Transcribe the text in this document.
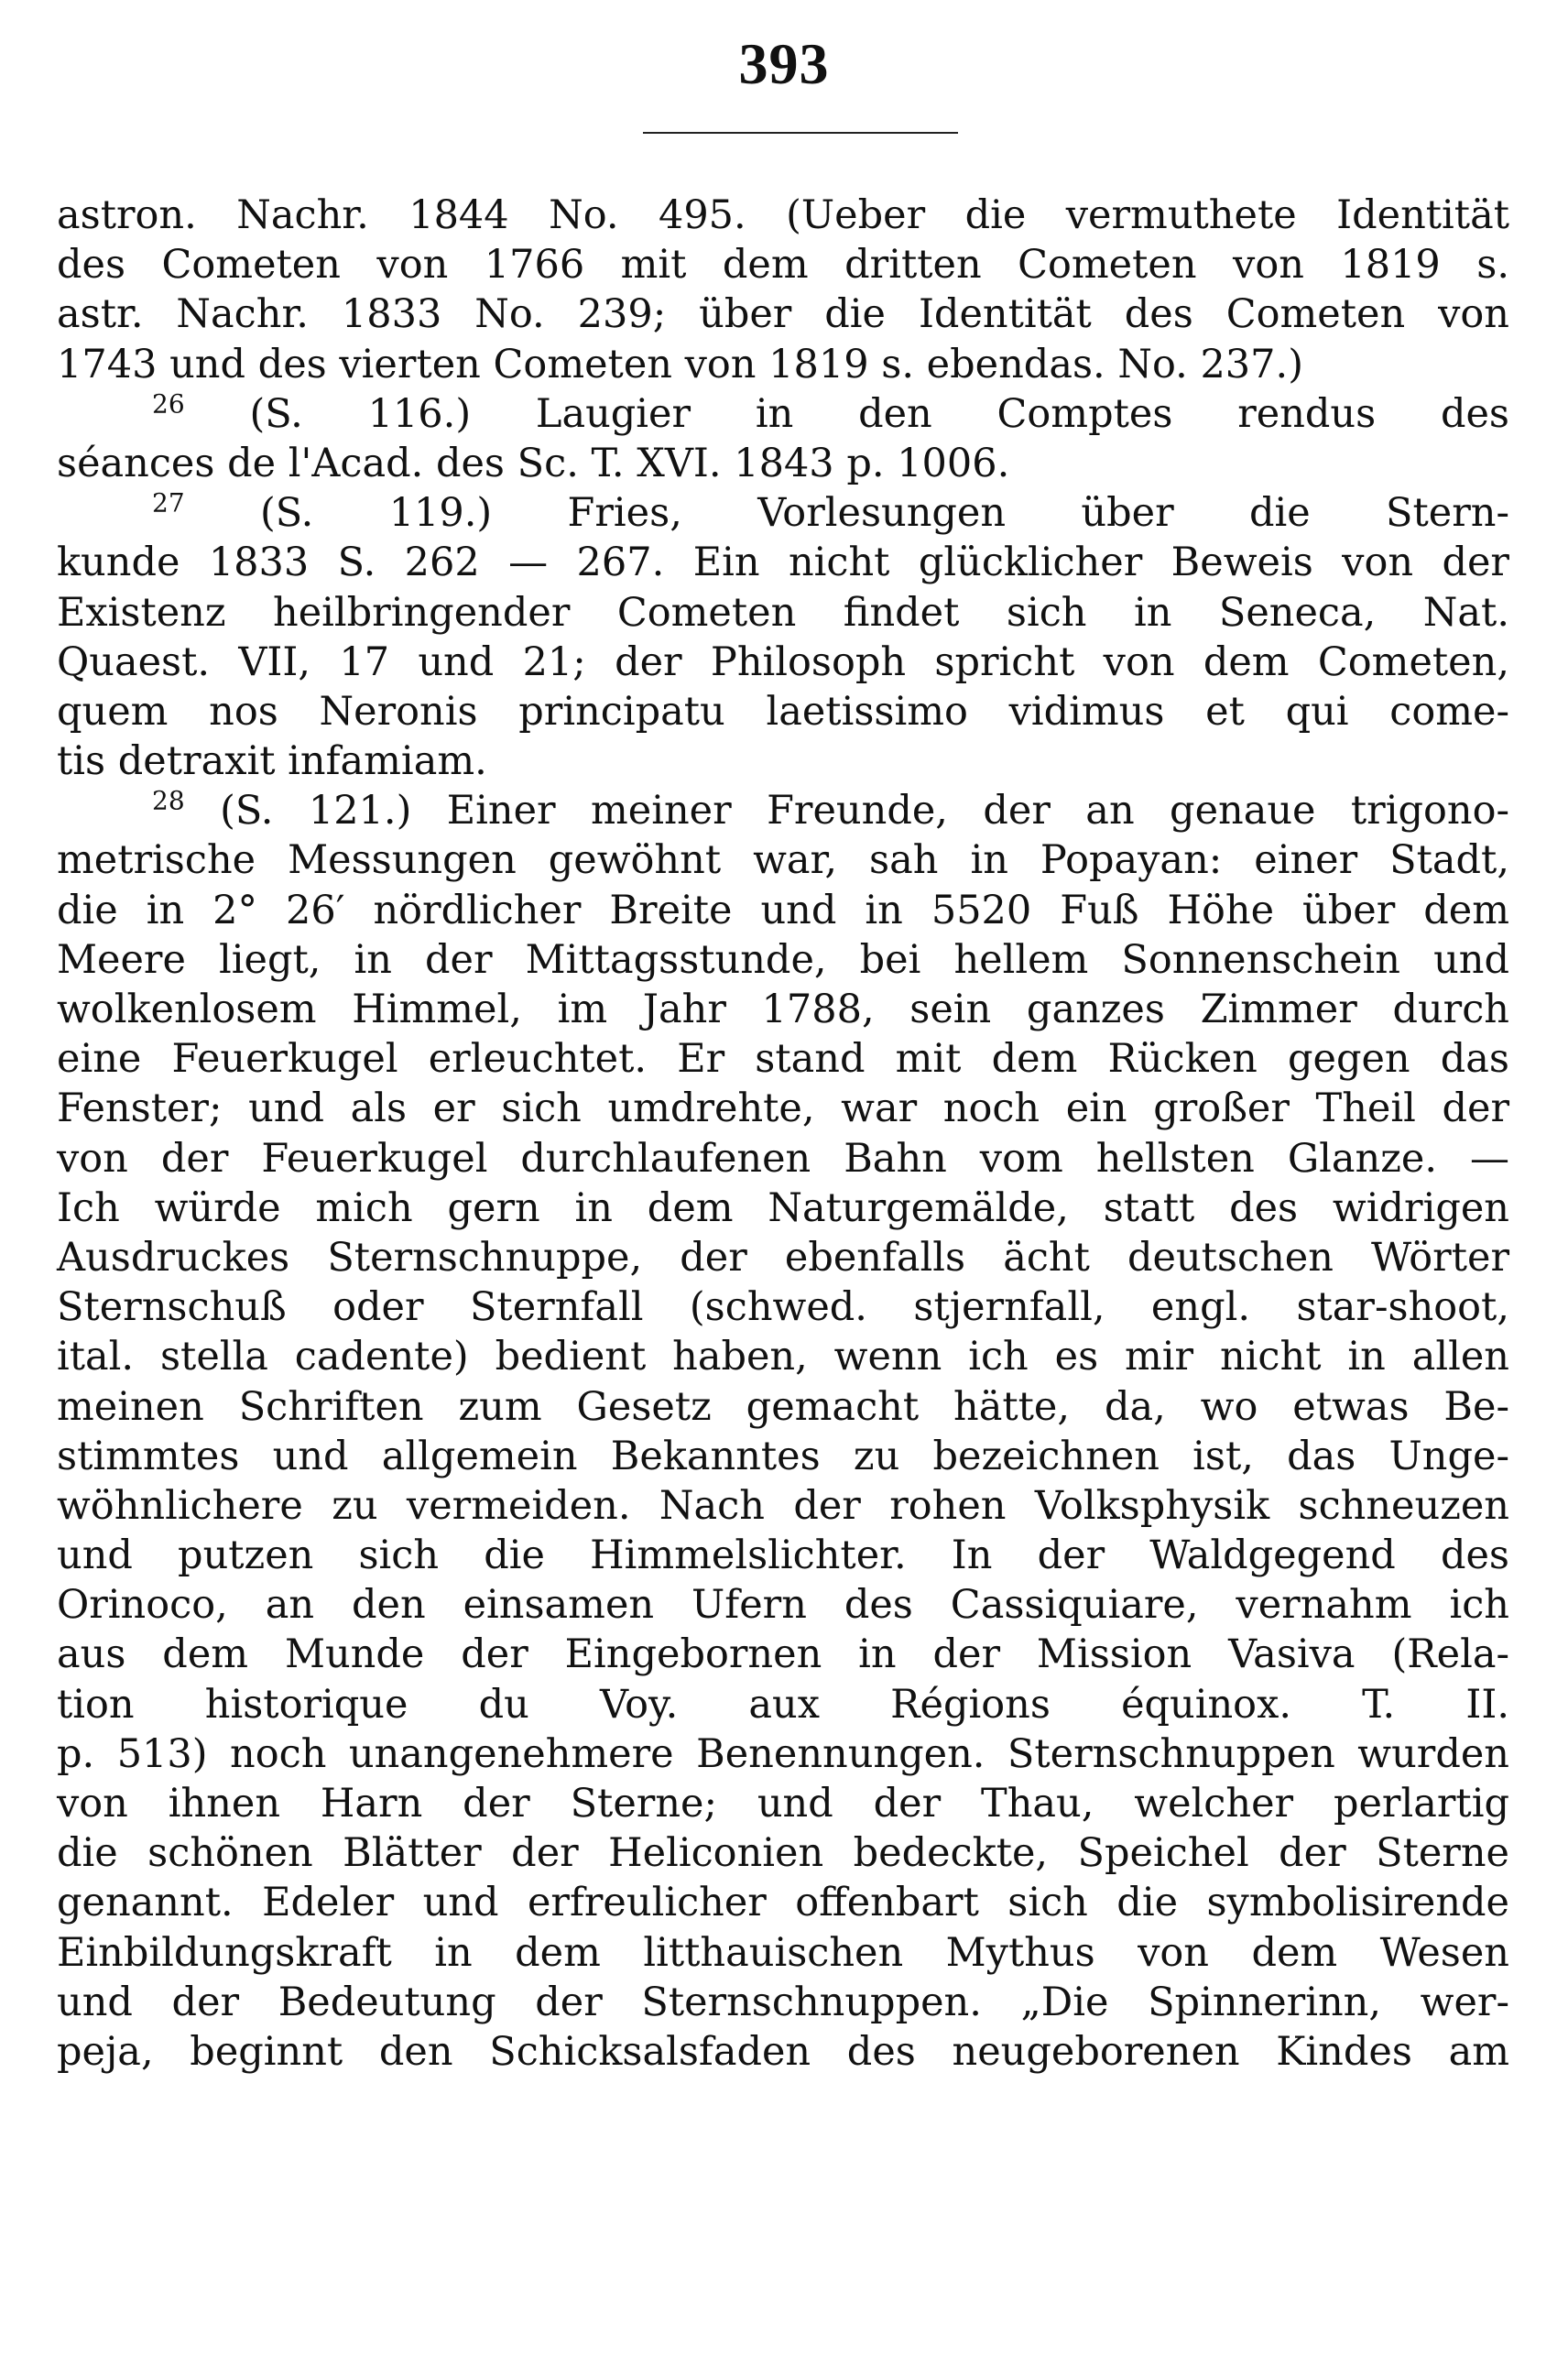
393
astron. Nachr. 1844 No. 495. (Ueber die vermuthete Identität
des Cometen von 1766 mit dem dritten Cometen von 1819 s.
astr. Nachr. 1833 No. 239; über die Identität des Cometen von
1743 und des vierten Cometen von 1819 s. ebendas. No. 237.)
$^{26}$ (S. 116.) Laugier in den Comptes rendus des
séances de l'Acad. des Sc. T. XVI. 1843 p. 1006.
$^{27}$ (S. 119.) Fries, Vorlesungen über die Stern-
kunde 1833 S. 262 — 267. Ein nicht glücklicher Beweis von der
Existenz heilbringender Cometen findet sich in Seneca, Nat.
Quaest. VII, 17 und 21; der Philosoph spricht von dem Cometen,
quem nos Neronis principatu laetissimo vidimus et qui come-
tis detraxit infamiam.
$^{28}$ (S. 121.) Einer meiner Freunde, der an genaue trigono-
metrische Messungen gewöhnt war, sah in Popayan: einer Stadt,
die in 2° 26′ nördlicher Breite und in 5520 Fuß Höhe über dem
Meere liegt, in der Mittagsstunde, bei hellem Sonnenschein und
wolkenlosem Himmel, im Jahr 1788, sein ganzes Zimmer durch
eine Feuerkugel erleuchtet. Er stand mit dem Rücken gegen das
Fenster; und als er sich umdrehte, war noch ein großer Theil der
von der Feuerkugel durchlaufenen Bahn vom hellsten Glanze. —
Ich würde mich gern in dem Naturgemälde, statt des widrigen
Ausdruckes Sternschnuppe, der ebenfalls ächt deutschen Wörter
Sternschuß oder Sternfall (schwed. stjernfall, engl. star-shoot,
ital. stella cadente) bedient haben, wenn ich es mir nicht in allen
meinen Schriften zum Gesetz gemacht hätte, da, wo etwas Be-
stimmtes und allgemein Bekanntes zu bezeichnen ist, das Unge-
wöhnlichere zu vermeiden. Nach der rohen Volksphysik schneuzen
und putzen sich die Himmelslichter. In der Waldgegend des
Orinoco, an den einsamen Ufern des Cassiquiare, vernahm ich
aus dem Munde der Eingebornen in der Mission Vasiva (Rela-
tion historique du Voy. aux Régions équinox. T. II.
p. 513) noch unangenehmere Benennungen. Sternschnuppen wurden
von ihnen Harn der Sterne; und der Thau, welcher perlartig
die schönen Blätter der Heliconien bedeckte, Speichel der Sterne
genannt. Edeler und erfreulicher offenbart sich die symbolisirende
Einbildungskraft in dem litthauischen Mythus von dem Wesen
und der Bedeutung der Sternschnuppen. „Die Spinnerinn, wer-
peja, beginnt den Schicksalsfaden des neugeborenen Kindes am
